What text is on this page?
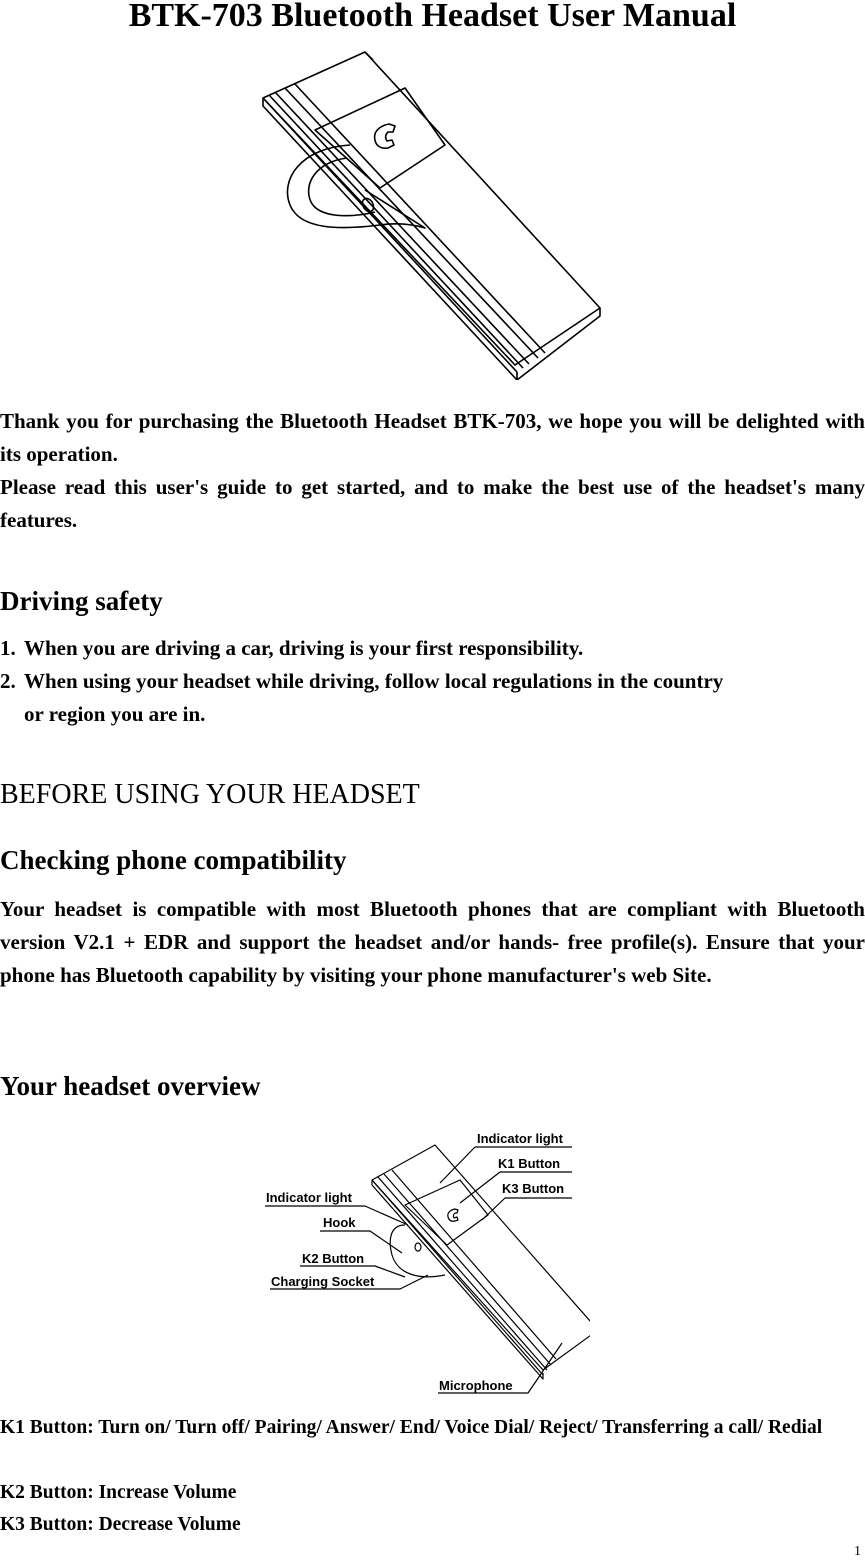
BTK-703 Bluetooth Headset User Manual

Thank you for purchasing the Bluetooth Headset BTK-703, we hope you will be delighted with its operation.

Please read this user's guide to get started, and to make the best use of the headset's many features.

Driving safety
1. When you are driving a car, driving is your first responsibility.
2. When using your headset while driving, follow local regulations in the country
or region you are in.
BEFORE USING YOUR HEADSET
Checking phone compatibility

Your headset is compatible with most Bluetooth phones that are compliant with Bluetooth version V2.1 + EDR and support the headset and/or hands- free profile(s). Ensure that your phone has Bluetooth capability by visiting your phone manufacturer's web Site.

Your headset overview
Indicator light
K1 Button
K3 Button
Indicator light
Hook
K2 Button
Charging Socket
Microphone

K1 Button: Turn on/ Turn off/ Pairing/ Answer/ End/ Voice Dial/ Reject/ Transferring a call/ Redial

K2 Button: Increase Volume

K3 Button: Decrease Volume

1
